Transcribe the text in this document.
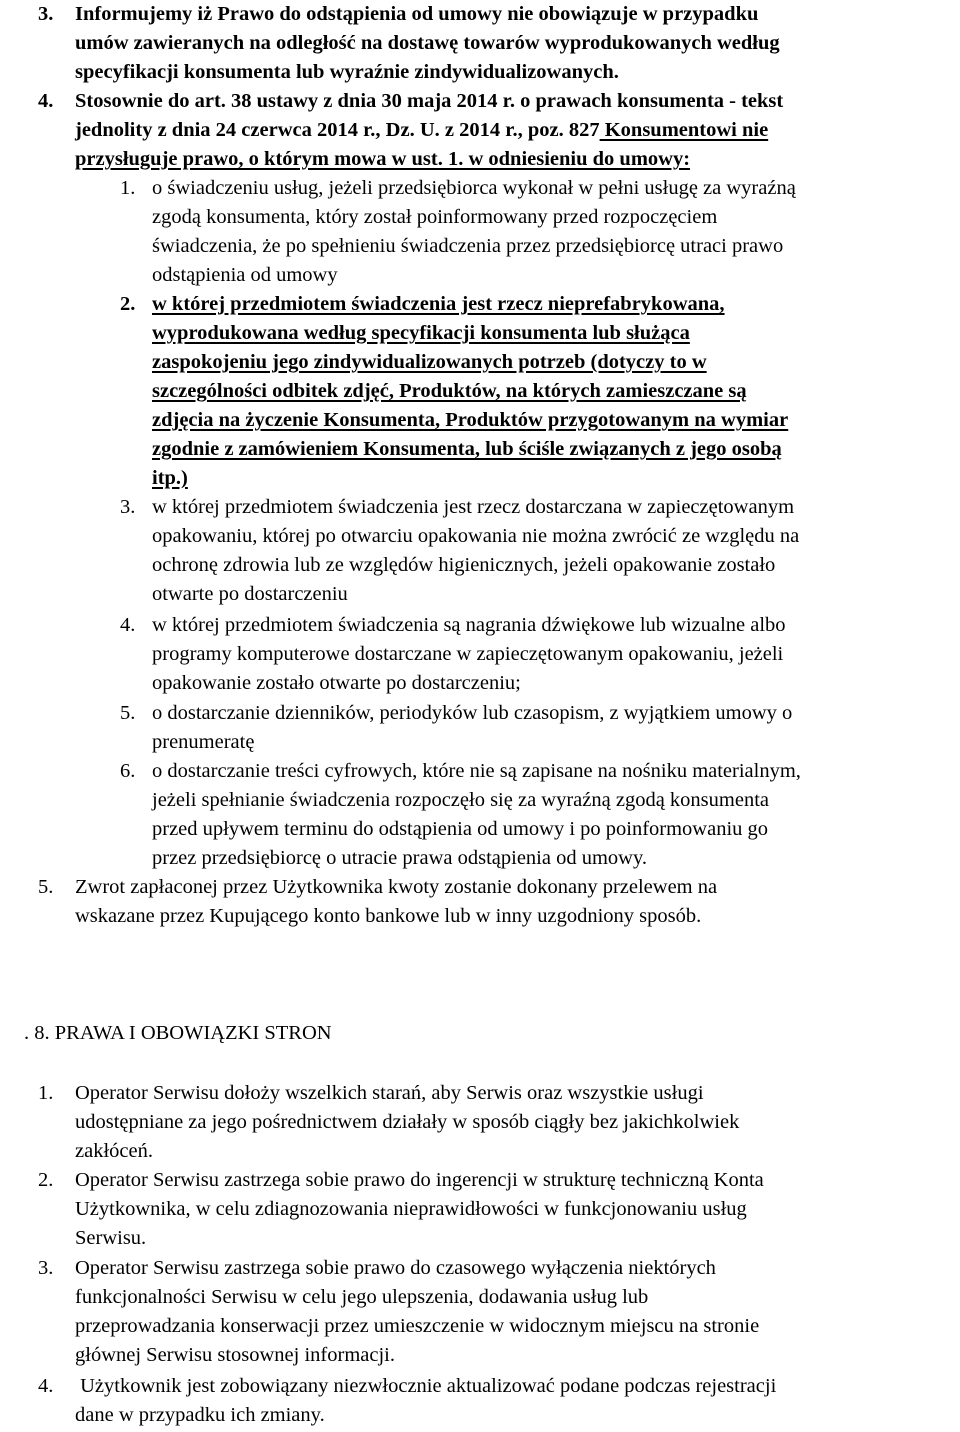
3. Informujemy iż Prawo do odstąpienia od umowy nie obowiązuje w przypadku
umów zawieranych na odległość na dostawę towarów wyprodukowanych według
specyfikacji konsumenta lub wyraźnie zindywidualizowanych.
4. Stosownie do art. 38 ustawy z dnia 30 maja 2014 r. o prawach konsumenta - tekst
jednolity z dnia 24 czerwca 2014 r., Dz. U. z 2014 r., poz. 827 Konsumentowi nie
przysługuje prawo, o którym mowa w ust. 1. w odniesieniu do umowy:
1. o świadczeniu usług, jeżeli przedsiębiorca wykonał w pełni usługę za wyraźną
zgodą konsumenta, który został poinformowany przed rozpoczęciem
świadczenia, że po spełnieniu świadczenia przez przedsiębiorcę utraci prawo
odstąpienia od umowy
2. w której przedmiotem świadczenia jest rzecz nieprefabrykowana,
wyprodukowana według specyfikacji konsumenta lub służąca
zaspokojeniu jego zindywidualizowanych potrzeb (dotyczy to w
szczególności odbitek zdjęć, Produktów, na których zamieszczane są
zdjęcia na życzenie Konsumenta, Produktów przygotowanym na wymiar
zgodnie z zamówieniem Konsumenta, lub ściśle związanych z jego osobą
itp.)
3. w której przedmiotem świadczenia jest rzecz dostarczana w zapieczętowanym
opakowaniu, której po otwarciu opakowania nie można zwrócić ze względu na
ochronę zdrowia lub ze względów higienicznych, jeżeli opakowanie zostało
otwarte po dostarczeniu
4. w której przedmiotem świadczenia są nagrania dźwiękowe lub wizualne albo
programy komputerowe dostarczane w zapieczętowanym opakowaniu, jeżeli
opakowanie zostało otwarte po dostarczeniu;
5. o dostarczanie dzienników, periodyków lub czasopism, z wyjątkiem umowy o
prenumeratę
6. o dostarczanie treści cyfrowych, które nie są zapisane na nośniku materialnym,
jeżeli spełnianie świadczenia rozpoczęło się za wyraźną zgodą konsumenta
przed upływem terminu do odstąpienia od umowy i po poinformowaniu go
przez przedsiębiorcę o utracie prawa odstąpienia od umowy.
5. Zwrot zapłaconej przez Użytkownika kwoty zostanie dokonany przelewem na
wskazane przez Kupującego konto bankowe lub w inny uzgodniony sposób.
. 8. PRAWA I OBOWIĄZKI STRON
1. Operator Serwisu dołoży wszelkich starań, aby Serwis oraz wszystkie usługi
udostępniane za jego pośrednictwem działały w sposób ciągły bez jakichkolwiek
zakłóceń.
2. Operator Serwisu zastrzega sobie prawo do ingerencji w strukturę techniczną Konta
Użytkownika, w celu zdiagnozowania nieprawidłowości w funkcjonowaniu usług
Serwisu.
3. Operator Serwisu zastrzega sobie prawo do czasowego wyłączenia niektórych
funkcjonalności Serwisu w celu jego ulepszenia, dodawania usług lub
przeprowadzania konserwacji przez umieszczenie w widocznym miejscu na stronie
głównej Serwisu stosownej informacji.
4. Użytkownik jest zobowiązany niezwłocznie aktualizować podane podczas rejestracji
dane w przypadku ich zmiany.
